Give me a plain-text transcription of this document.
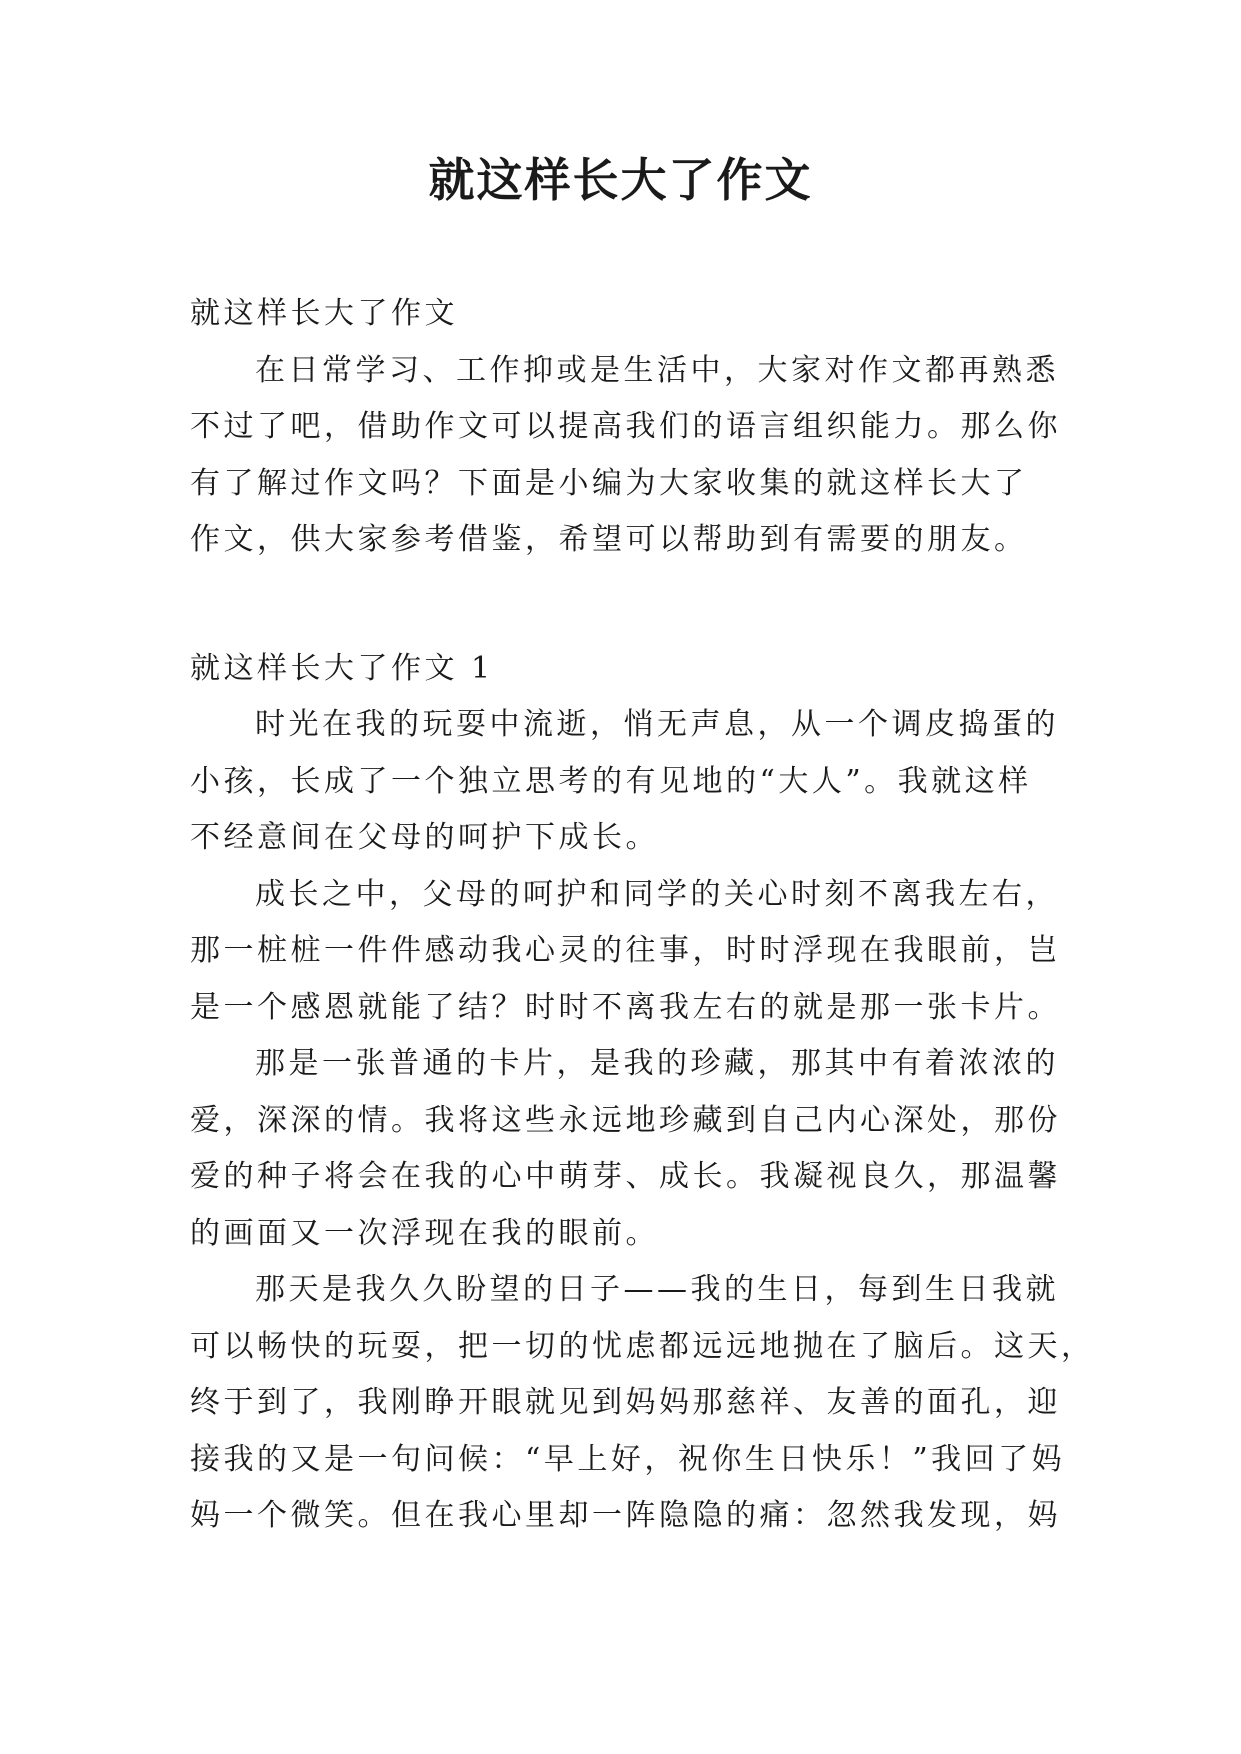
就这样长大了作文
就这样长大了作文
在日常学习、工作抑或是生活中，大家对作文都再熟悉
不过了吧，借助作文可以提高我们的语言组织能力。那么你
有了解过作文吗？下面是小编为大家收集的就这样长大了
作文，供大家参考借鉴，希望可以帮助到有需要的朋友。
就这样长大了作文 1
时光在我的玩耍中流逝，悄无声息，从一个调皮捣蛋的
小孩，长成了一个独立思考的有见地的“大人”。我就这样
不经意间在父母的呵护下成长。
成长之中，父母的呵护和同学的关心时刻不离我左右，
那一桩桩一件件感动我心灵的往事，时时浮现在我眼前，岂
是一个感恩就能了结？时时不离我左右的就是那一张卡片。
那是一张普通的卡片，是我的珍藏，那其中有着浓浓的
爱，深深的情。我将这些永远地珍藏到自己内心深处，那份
爱的种子将会在我的心中萌芽、成长。我凝视良久，那温馨
的画面又一次浮现在我的眼前。
那天是我久久盼望的日子——我的生日，每到生日我就
可以畅快的玩耍，把一切的忧虑都远远地抛在了脑后。这天，
终于到了，我刚睁开眼就见到妈妈那慈祥、友善的面孔，迎
接我的又是一句问候：“早上好，祝你生日快乐！”我回了妈
妈一个微笑。但在我心里却一阵隐隐的痛：忽然我发现，妈
